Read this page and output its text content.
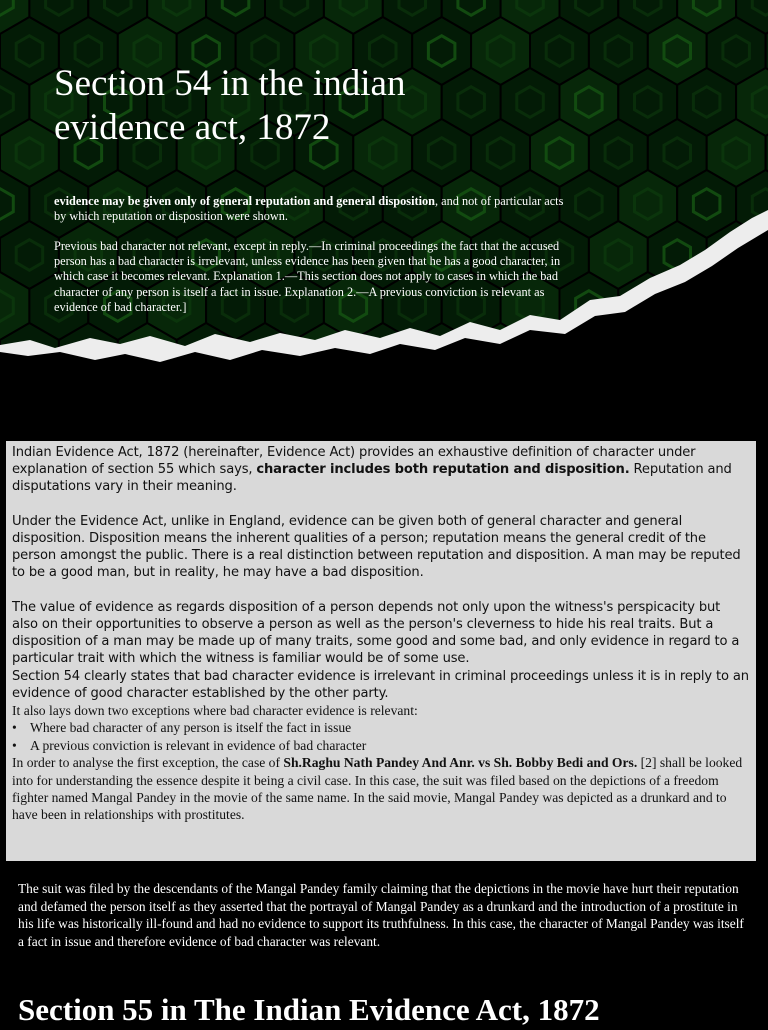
Section 54 in the indian evidence act, 1872

evidence may be given only of general reputation and general disposition, and not of particular acts by which reputation or disposition were shown.

Previous bad character not relevant, except in reply.—In criminal proceedings the fact that the accused person has a bad character is irrelevant, unless evidence has been given that he has a good character, in which case it becomes relevant. Explanation 1.—This section does not apply to cases in which the bad character of any person is itself a fact in issue. Explanation 2.—A previous conviction is relevant as evidence of bad character.]

Indian Evidence Act, 1872 (hereinafter, Evidence Act) provides an exhaustive definition of character under explanation of section 55 which says, character includes both reputation and disposition. Reputation and disputations vary in their meaning.

Under the Evidence Act, unlike in England, evidence can be given both of general character and general disposition. Disposition means the inherent qualities of a person; reputation means the general credit of the person amongst the public. There is a real distinction between reputation and disposition. A man may be reputed to be a good man, but in reality, he may have a bad disposition.

The value of evidence as regards disposition of a person depends not only upon the witness's perspicacity but also on their opportunities to observe a person as well as the person's cleverness to hide his real traits. But a disposition of a man may be made up of many traits, some good and some bad, and only evidence in regard to a particular trait with which the witness is familiar would be of some use.

Section 54 clearly states that bad character evidence is irrelevant in criminal proceedings unless it is in reply to an evidence of good character established by the other party.

It also lays down two exceptions where bad character evidence is relevant:

• Where bad character of any person is itself the fact in issue
• A previous conviction is relevant in evidence of bad character

In order to analyse the first exception, the case of Sh.Raghu Nath Pandey And Anr. vs Sh. Bobby Bedi and Ors. [2] shall be looked into for understanding the essence despite it being a civil case. In this case, the suit was filed based on the depictions of a freedom fighter named Mangal Pandey in the movie of the same name. In the said movie, Mangal Pandey was depicted as a drunkard and to have been in relationships with prostitutes.

The suit was filed by the descendants of the Mangal Pandey family claiming that the depictions in the movie have hurt their reputation and defamed the person itself as they asserted that the portrayal of Mangal Pandey as a drunkard and the introduction of a prostitute in his life was historically ill-found and had no evidence to support its truthfulness. In this case, the character of Mangal Pandey was itself a fact in issue and therefore evidence of bad character was relevant.

Section 55 in The Indian Evidence Act, 1872
